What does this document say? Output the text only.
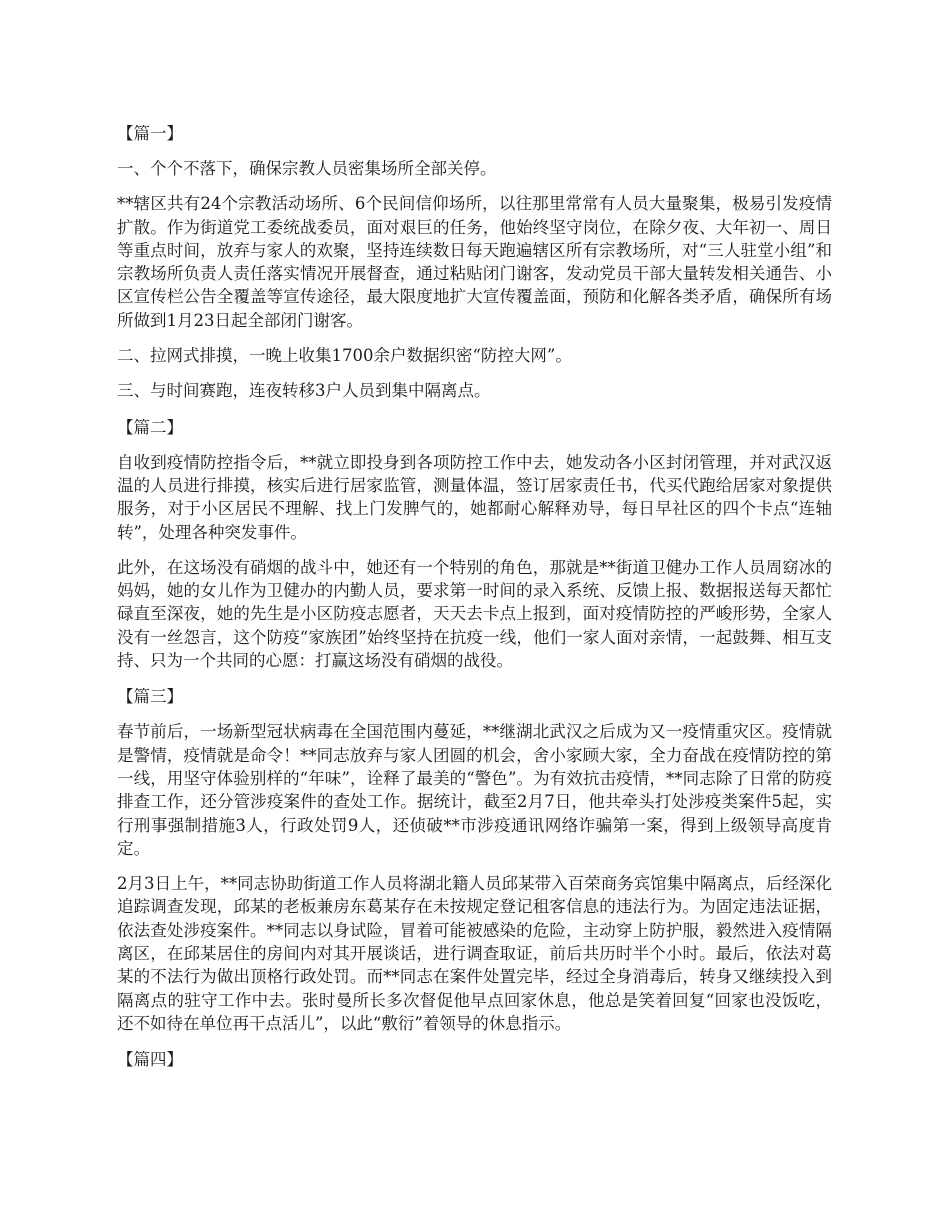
【篇一】
一、个个不落下，确保宗教人员密集场所全部关停。
**辖区共有24个宗教活动场所、6个民间信仰场所，以往那里常常有人员大量聚集，极易引发疫情扩散。作为街道党工委统战委员，面对艰巨的任务，他始终坚守岗位，在除夕夜、大年初一、周日等重点时间，放弃与家人的欢聚，坚持连续数日每天跑遍辖区所有宗教场所，对“三人驻堂小组”和宗教场所负责人责任落实情况开展督查，通过粘贴闭门谢客，发动党员干部大量转发相关通告、小区宣传栏公告全覆盖等宣传途径，最大限度地扩大宣传覆盖面，预防和化解各类矛盾，确保所有场所做到1月23日起全部闭门谢客。
二、拉网式排摸，一晚上收集1700余户数据织密“防控大网”。
三、与时间赛跑，连夜转移3户人员到集中隔离点。
【篇二】
自收到疫情防控指令后，**就立即投身到各项防控工作中去，她发动各小区封闭管理，并对武汉返温的人员进行排摸，核实后进行居家监管，测量体温，签订居家责任书，代买代跑给居家对象提供服务，对于小区居民不理解、找上门发脾气的，她都耐心解释劝导，每日早社区的四个卡点“连轴转”，处理各种突发事件。
此外，在这场没有硝烟的战斗中，她还有一个特别的角色，那就是**街道卫健办工作人员周窈冰的妈妈，她的女儿作为卫健办的内勤人员，要求第一时间的录入系统、反馈上报、数据报送每天都忙碌直至深夜，她的先生是小区防疫志愿者，天天去卡点上报到，面对疫情防控的严峻形势，全家人没有一丝怨言，这个防疫“家族团”始终坚持在抗疫一线，他们一家人面对亲情，一起鼓舞、相互支持、只为一个共同的心愿：打赢这场没有硝烟的战役。
【篇三】
春节前后，一场新型冠状病毒在全国范围内蔓延，**继湖北武汉之后成为又一疫情重灾区。疫情就是警情，疫情就是命令！**同志放弃与家人团圆的机会，舍小家顾大家，全力奋战在疫情防控的第一线，用坚守体验别样的“年味”，诠释了最美的“警色”。为有效抗击疫情，**同志除了日常的防疫排查工作，还分管涉疫案件的查处工作。据统计，截至2月7日，他共牵头打处涉疫类案件5起，实行刑事强制措施3人，行政处罚9人，还侦破**市涉疫通讯网络诈骗第一案，得到上级领导高度肯定。
2月3日上午，**同志协助街道工作人员将湖北籍人员邱某带入百荣商务宾馆集中隔离点，后经深化追踪调查发现，邱某的老板兼房东葛某存在未按规定登记租客信息的违法行为。为固定违法证据，依法查处涉疫案件。**同志以身试险，冒着可能被感染的危险，主动穿上防护服，毅然进入疫情隔离区，在邱某居住的房间内对其开展谈话，进行调查取证，前后共历时半个小时。最后，依法对葛某的不法行为做出顶格行政处罚。而**同志在案件处置完毕，经过全身消毒后，转身又继续投入到隔离点的驻守工作中去。张时曼所长多次督促他早点回家休息，他总是笑着回复“回家也没饭吃，还不如待在单位再干点活儿”，以此“敷衍”着领导的休息指示。
【篇四】
